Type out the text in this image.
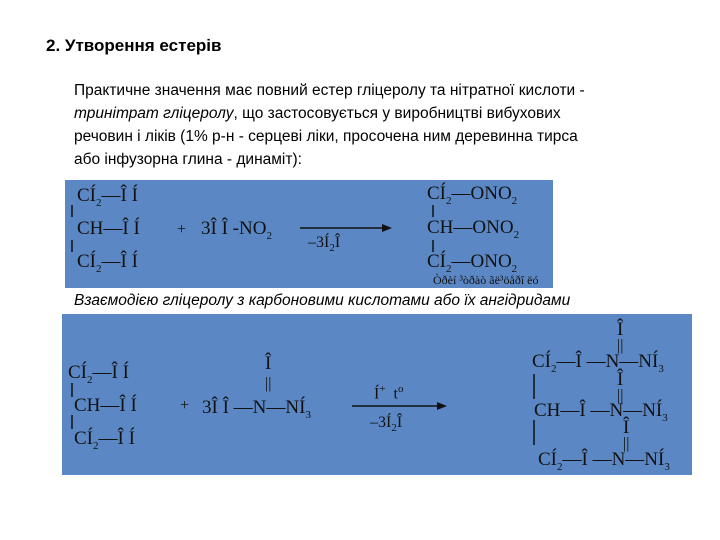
2. Утворення естерів
Практичне значення має повний естер гліцеролу та нітратної кислоти -
тринітрат гліцеролу, що застосовується у виробництві вибухових
речовин і ліків (1% р-н - серцеві ліки, просочена ним деревинна тирса
або інфузорна глина - динаміт):
$CÍ_2—Î$ Í
CH—Î Í
$CÍ_2—Î$ Í
+ 3Î Î $-NO_2$ $-3Í_2Î$
$CÍ_2—ONO_2$
$CH—ONO_2$
$CÍ_2—ONO_2$
Òðèí ³òðàò ãë³öåðî ëó
Взаємодією гліцеролу з карбоновими кислотами або їх ангідридами
$CÍ_2—Î$ Í
CH—Î Í
$CÍ_2—Î$ Í
+
Î
||
3Î Î $—N—NÍ_3$
Í+ $t^o$
$-3Í_2Î$
Î
||
$CÍ_2—Î$ $—N—NÍ_3$
Î
||
CH—Î $—N—NÍ_3$
Î
||
$CÍ_2—Î$ $—N—NÍ_3$
